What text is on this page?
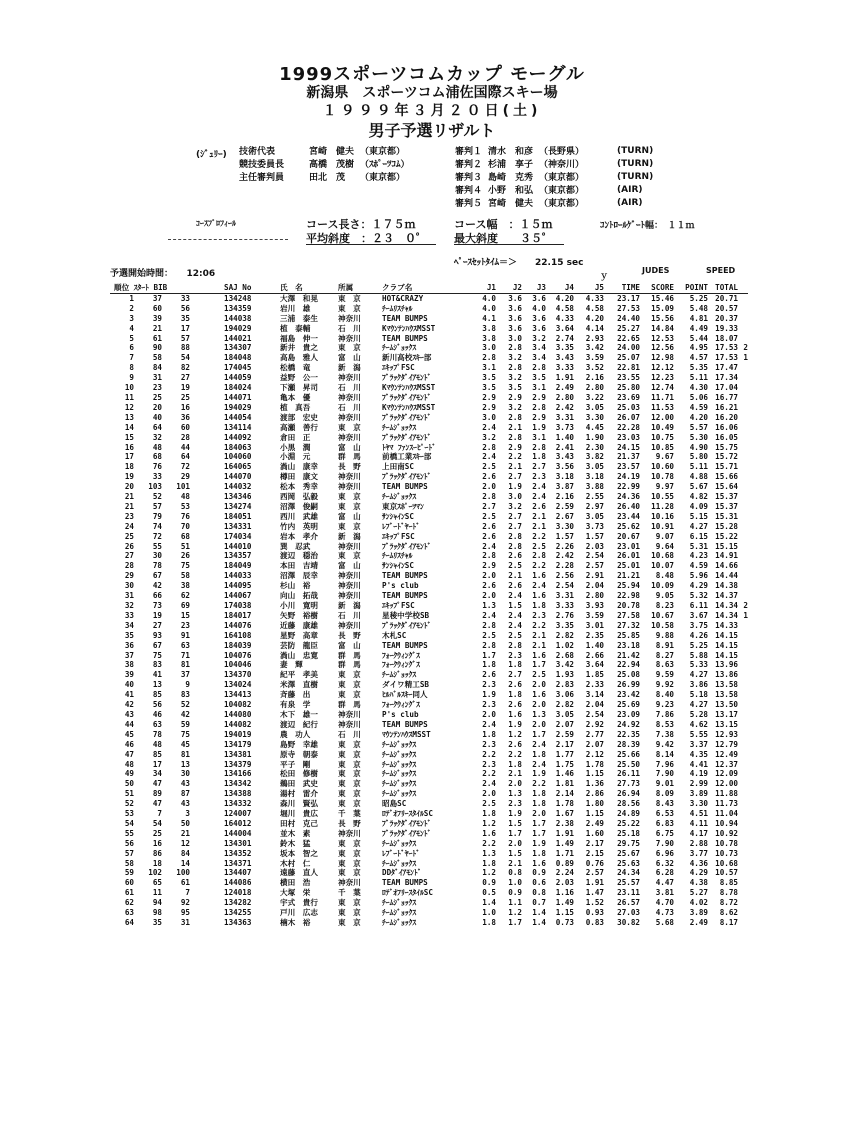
1999スポーツコムカップ モーグル
新潟県　スポーツコム浦佐国際スキー場
１９９９年３月２０日(土)
男子予選リザルト
(ｼﾞｭﾘｰ) 技術代表	宮崎　健夫	（東京都）
競技委員長	高橋　茂樹	（ｽﾎﾟｰﾂｺﾑ）
主任審判員	田北　茂	（東京都）
審判１	清水　和彦	（長野県）	(TURN)
審判２	杉浦　享子	（神奈川）	(TURN)
審判３	島崎　克秀	（東京都）	(TURN)
審判４	小野　和弘	（東京都）	(AIR)
審判５	宮崎　健夫	（東京都）	(AIR)
ｺｰｽﾌﾟﾛﾌｨｰﾙ	コース長さ：１７５ｍ	コース幅　：１５ｍ	ｺﾝﾄﾛｰﾙｹﾞｰﾄ幅：　１１ｍ
平均斜度　：２３　０゜ 最大斜度　　３５゜
ﾍﾟｰｽｾｯﾄﾀｲﾑ＝＞　　22.15 sec
予選開始時間：　　12:06	JUDES	SPEED
ｙ
順位 ｽﾀｰﾄ BIB	SAJ No	氏　名	所属	クラブ名	J1	J2	J3	J4	J5	TIME	SCORE	POINT	TOTAL	
1 37 33	134248	大澤　和晃	東　京	HOT&CRAZY	4.0	3.6	3.6	4.20	4.33	23.17	15.46	5.25	20.71	
2 60 56	134359	岩川　雄	東　京	ﾁｰﾑﾘｽﾁｬﾙ	4.0	3.6	4.0	4.58	4.58	27.53	15.09	5.48	20.57	
3 39 35	144038	三浦　泰生	神奈川	TEAM BUMPS	4.1	3.6	3.6	4.33	4.20	24.40	15.56	4.81	20.37	
4 21 17	194029	植　泰輔	石　川	KﾏｳﾝﾃﾝﾊｳｽMSST	3.8	3.6	3.6	3.64	4.14	25.27	14.84	4.49	19.33	
5 61 57	144021	福島　伸一	神奈川	TEAM BUMPS	3.8	3.0	3.2	2.74	2.93	22.65	12.53	5.44	18.07	
6 90 88	134307	新井　貴之	東　京	ﾁｰﾑｼﾞｮｯｸｽ	3.0	2.8	3.4	3.35	3.42	24.00	12.56	4.95	17.53	2
7 58 54	184048	高島　雅人	富　山	新川高校ｽｷｰ部	2.8	3.2	3.4	3.43	3.59	25.07	12.98	4.57	17.53	1
8 84 82	174045	松橋　竜	新　潟	ｴｷｯﾌﾟFSC	3.1	2.8	2.8	3.33	3.52	22.81	12.12	5.35	17.47	
9 31 27	144059	益野　公一	神奈川	ﾌﾞﾗｯｸﾀﾞｲｱﾓﾝﾄﾞ	3.5	3.2	3.5	1.91	2.16	23.55	12.23	5.11	17.34	
10 23 19	184024	下瀬　昇司	石　川	KﾏｳﾝﾃﾝﾊｳｽMSST	3.5	3.5	3.1	2.49	2.80	25.80	12.74	4.30	17.04	
11 25 25	144071	亀本　優	神奈川	ﾌﾞﾗｯｸﾀﾞｲｱﾓﾝﾄﾞ	2.9	2.9	2.9	2.80	3.22	23.69	11.71	5.06	16.77	
12 20 16	194029	植　真吾	石　川	KﾏｳﾝﾃﾝﾊｳｽMSST	2.9	3.2	2.8	2.42	3.05	25.03	11.53	4.59	16.21	
13 40 36	144054	渡部　宏史	神奈川	ﾌﾞﾗｯｸﾀﾞｲｱﾓﾝﾄﾞ	3.0	2.8	2.9	3.31	3.30	26.07	12.00	4.20	16.20	
14 64 60	134114	高瀬　善行	東　京	ﾁｰﾑｼﾞｮｯｸｽ	2.4	2.1	1.9	3.73	4.45	22.28	10.49	5.57	16.06	
15 32 28	144092	倉田　正	神奈川	ﾌﾞﾗｯｸﾀﾞｲｱﾓﾝﾄﾞ	3.2	2.8	3.1	1.40	1.90	23.03	10.75	5.30	16.05	
16 48 44	184063	小黒　潤	富　山	ﾄﾔﾏ ﾌｧﾝｽｰﾋﾟｰﾄﾞ	2.8	2.9	2.8	2.41	2.30	24.15	10.85	4.90	15.75	
17 68 64	104060	小淵　元	群　馬	前橋工業ｽｷｰ部	2.4	2.2	1.8	3.43	3.82	21.37	9.67	5.80	15.72	
18 76 72	164065	渦山　康幸	長　野	上田南SC	2.5	2.1	2.7	3.56	3.05	23.57	10.60	5.11	15.71	
19 33 29	144070	樽田　康文	神奈川	ﾌﾞﾗｯｸﾀﾞｲｱﾓﾝﾄﾞ	2.6	2.7	2.3	3.18	3.18	24.19	10.78	4.88	15.66	
20 103 101	144032	松本　秀幸	神奈川	TEAM BUMPS	2.0	1.9	2.4	3.87	3.88	22.99	9.97	5.67	15.64	
21 52 48	134346	西岡　弘毅	東　京	ﾁｰﾑｼﾞｮｯｸｽ	2.8	3.0	2.4	2.16	2.55	24.36	10.55	4.82	15.37	
21 57 53	134274	沼澤　俊嗣	東　京	東京ｽﾎﾟｰﾂﾏﾝ	2.7	3.2	2.6	2.59	2.97	26.40	11.28	4.09	15.37	
23 79 76	184051	西川　武雄	富　山	ｻﾝｼｬｲﾝSC	2.5	2.7	2.1	2.67	3.05	23.44	10.16	5.15	15.31	
24 74 70	134331	竹内　英明	東　京	ﾚﾌﾞｰﾄﾞﾔｰﾄﾞ	2.6	2.7	2.1	3.30	3.73	25.62	10.91	4.27	15.28	
25 72 68	174034	岩本　孝介	新　潟	ｴｷｯﾌﾟFSC	2.6	2.8	2.2	1.57	1.57	20.67	9.07	6.15	15.22	
26 55 51	144010	巽　忍武	神奈川	ﾌﾞﾗｯｸﾀﾞｲｱﾓﾝﾄﾞ	2.4	2.8	2.5	2.26	2.03	23.01	9.64	5.31	15.15	
27 30 26	134357	渡辺　穏治	東　京	ﾁｰﾑﾘｽﾁｬﾙ	2.8	2.6	2.8	2.42	2.54	26.01	10.68	4.23	14.91	
28 78 75	184049	本田　吉靖	富　山	ｻﾝｼｬｲﾝSC	2.9	2.5	2.2	2.28	2.57	25.01	10.07	4.59	14.66	
29 67 58	144033	沼澤　辰幸	神奈川	TEAM BUMPS	2.0	2.1	1.6	2.56	2.91	21.21	8.48	5.96	14.44	
30 42 38	144095	杉山　裕	神奈川	P's club	2.6	2.6	2.4	2.54	2.04	25.94	10.09	4.29	14.38	
31 66 62	144067	向山　拓哉	神奈川	TEAM BUMPS	2.0	2.4	1.6	3.31	2.80	22.98	9.05	5.32	14.37	
32 73 69	174038	小川　寛明	新　潟	ｴｷｯﾌﾟFSC	1.3	1.5	1.8	3.33	3.93	20.78	8.23	6.11	14.34	2
33 19 15	184017	矢野　裕樹	石　川	星稜中学校SB	2.4	2.4	2.3	2.76	3.59	27.58	10.67	3.67	14.34	1
34 27 23	144076	近藤　康雄	神奈川	ﾌﾞﾗｯｸﾀﾞｲｱﾓﾝﾄﾞ	2.8	2.4	2.2	3.35	3.01	27.32	10.58	3.75	14.33	
35 93 91	164108	星野　高章	長　野	木札SC	2.5	2.5	2.1	2.82	2.35	25.85	9.88	4.26	14.15	
36 67 63	184039	芸防　龍臣	富　山	TEAM BUMPS	2.8	2.8	2.1	1.02	1.40	23.18	8.91	5.25	14.15	
37 75 71	104076	渦山　忠寛	群　馬	ﾌｫｰｸｳｨﾝｸﾞｽ	1.7	2.3	1.6	2.68	2.66	21.42	8.27	5.88	14.15	
38 83 81	104046	妻　輝	群　馬	ﾌｫｰｸｳｨﾝｸﾞｽ	1.8	1.8	1.7	3.42	3.64	22.94	8.63	5.33	13.96	
39 41 37	134370	紀平　孝美	東　京	ﾁｰﾑｼﾞｮｯｸｽ	2.6	2.7	2.5	1.93	1.85	25.08	9.59	4.27	13.86	
40 13 9	134024	米澤　直樹	東　京	ダイワ精工SB	2.3	2.6	2.0	2.83	2.33	26.99	9.92	3.86	13.58	
41 85 83	134413	斉藤　出	東　京	ﾋﾙﾊﾞﾙｽｷｰ同人	1.9	1.8	1.6	3.06	3.14	23.42	8.40	5.18	13.58	
42 56 52	104082	有泉　学	群　馬	ﾌｫｰｸｳｨﾝｸﾞｽ	2.3	2.6	2.0	2.82	2.04	25.69	9.23	4.27	13.50	
43 46 42	144080	木下　雄一	神奈川	P's club	2.0	1.6	1.3	3.05	2.54	23.09	7.86	5.28	13.17	
44 63 59	144082	渡辺　紀行	神奈川	TEAM BUMPS	2.4	1.9	2.0	2.07	2.92	24.92	8.53	4.62	13.15	
45 78 75	194019	農　功人	石　川	ﾏｳﾝﾃﾝﾊｳｽMSST	1.8	1.2	1.7	2.59	2.77	22.35	7.38	5.55	12.93	
46 48 45	134179	島野　幸雄	東　京	ﾁｰﾑｼﾞｮｯｸｽ	2.3	2.6	2.4	2.17	2.07	28.39	9.42	3.37	12.79	
47 85 81	134381	原寺　朝泰	東　京	ﾁｰﾑｼﾞｮｯｸｽ	2.2	2.2	1.8	1.77	2.12	25.66	8.14	4.35	12.49	
48 17 13	134379	平子　剛	東　京	ﾁｰﾑｼﾞｮｯｸｽ	2.3	1.8	2.4	1.75	1.78	25.50	7.96	4.41	12.37	
49 34 30	134166	松田　修樹	東　京	ﾁｰﾑｼﾞｮｯｸｽ	2.2	2.1	1.9	1.46	1.15	26.11	7.90	4.19	12.09	
50 47 43	134342	鵜田　武史	東　京	ﾁｰﾑｼﾞｮｯｸｽ	2.4	2.0	2.2	1.81	1.36	27.73	9.01	2.99	12.00	
51 89 87	134388	湯村　雷介	東　京	ﾁｰﾑｼﾞｮｯｸｽ	2.0	1.3	1.8	2.14	2.86	26.94	8.09	3.89	11.88	
52 47 43	134332	森川　賢弘	東　京	昭島SC	2.5	2.3	1.8	1.78	1.80	28.56	8.43	3.30	11.73	
53 7 3	124007	堀川　貴広	千　葉	ﾛﾃﾞｵﾌﾘｰｽﾀｲﾙSC	1.8	1.9	2.0	1.67	1.15	24.89	6.53	4.51	11.04	
54 54 50	164012	田村　克己	長　野	ﾌﾞﾗｯｸﾀﾞｲｱﾓﾝﾄﾞ	1.2	1.5	1.7	2.38	2.49	25.22	6.83	4.11	10.94	
55 25 21	144004	並木　素	神奈川	ﾌﾞﾗｯｸﾀﾞｲｱﾓﾝﾄﾞ	1.6	1.7	1.7	1.91	1.60	25.18	6.75	4.17	10.92	
56 16 12	134301	鈴木　猛	東　京	ﾁｰﾑｼﾞｮｯｸｽ	2.2	2.0	1.9	1.49	2.17	29.75	7.90	2.88	10.78	
57 86 84	134352	坂本　智之	東　京	ﾚﾌﾞｰﾄﾞﾔｰﾄﾞ	1.3	1.5	1.8	1.71	2.15	25.67	6.96	3.77	10.73	
58 18 14	134371	木村　仁	東　京	ﾁｰﾑｼﾞｮｯｸｽ	1.8	2.1	1.6	0.89	0.76	25.63	6.32	4.36	10.68	
59 102 100	134407	遠藤　直人	東　京	DDﾀﾞｲｱﾓﾝﾄﾞ	1.2	0.8	0.9	2.24	2.57	24.34	6.28	4.29	10.57	
60 65 61	144086	横田　浩	神奈川	TEAM BUMPS	0.9	1.0	0.6	2.03	1.91	25.57	4.47	4.38	8.85	
61 11 7	124018	大塚　栄	千　葉	ﾛﾃﾞｵﾌﾘｰｽﾀｲﾙSC	0.5	0.9	0.8	1.16	1.47	23.11	3.81	5.27	8.78	
62 94 92	134282	宇式　貴行	東　京	ﾁｰﾑｼﾞｮｯｸｽ	1.4	1.1	0.7	1.49	1.52	26.57	4.70	4.02	8.72	
63 98 95	134255	戸川　広志	東　京	ﾁｰﾑｼﾞｮｯｸｽ	1.0	1.2	1.4	1.15	0.93	27.03	4.73	3.89	8.62	
64 35 31	134363	楠木　裕	東　京	ﾁｰﾑｼﾞｮｯｸｽ	1.8	1.7	1.4	0.73	0.83	30.82	5.68	2.49	8.17	
